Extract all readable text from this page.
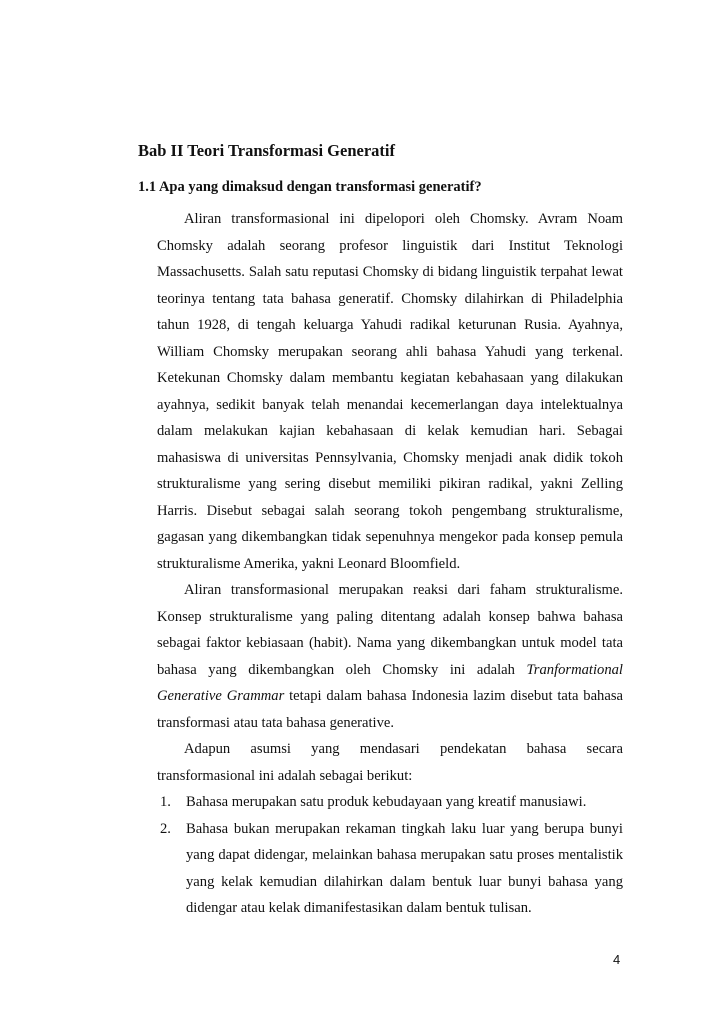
Bab II Teori Transformasi Generatif
1.1 Apa yang dimaksud dengan transformasi generatif?

Aliran transformasional ini dipelopori oleh Chomsky. Avram Noam Chomsky adalah seorang profesor linguistik dari Institut Teknologi Massachusetts. Salah satu reputasi Chomsky di bidang linguistik terpahat lewat teorinya tentang tata bahasa generatif. Chomsky dilahirkan di Philadelphia tahun 1928, di tengah keluarga Yahudi radikal keturunan Rusia. Ayahnya, William Chomsky merupakan seorang ahli bahasa Yahudi yang terkenal. Ketekunan Chomsky dalam membantu kegiatan kebahasaan yang dilakukan ayahnya, sedikit banyak telah menandai kecemerlangan daya intelektualnya dalam melakukan kajian kebahasaan di kelak kemudian hari. Sebagai mahasiswa di universitas Pennsylvania, Chomsky menjadi anak didik tokoh strukturalisme yang sering disebut memiliki pikiran radikal, yakni Zelling Harris. Disebut sebagai salah seorang tokoh pengembang strukturalisme, gagasan yang dikembangkan tidak sepenuhnya mengekor pada konsep pemula strukturalisme Amerika, yakni Leonard Bloomfield.

Aliran transformasional merupakan reaksi dari faham strukturalisme. Konsep strukturalisme yang paling ditentang adalah konsep bahwa bahasa sebagai faktor kebiasaan (habit). Nama yang dikembangkan untuk model tata bahasa yang dikembangkan oleh Chomsky ini adalah Tranformational Generative Grammar tetapi dalam bahasa Indonesia lazim disebut tata bahasa transformasi atau tata bahasa generative.

Adapun asumsi yang mendasari pendekatan bahasa secara transformasional ini adalah sebagai berikut:

1. Bahasa merupakan satu produk kebudayaan yang kreatif manusiawi.
2. Bahasa bukan merupakan rekaman tingkah laku luar yang berupa bunyi yang dapat didengar, melainkan bahasa merupakan satu proses mentalistik yang kelak kemudian dilahirkan dalam bentuk luar bunyi bahasa yang didengar atau kelak dimanifestasikan dalam bentuk tulisan.
4
